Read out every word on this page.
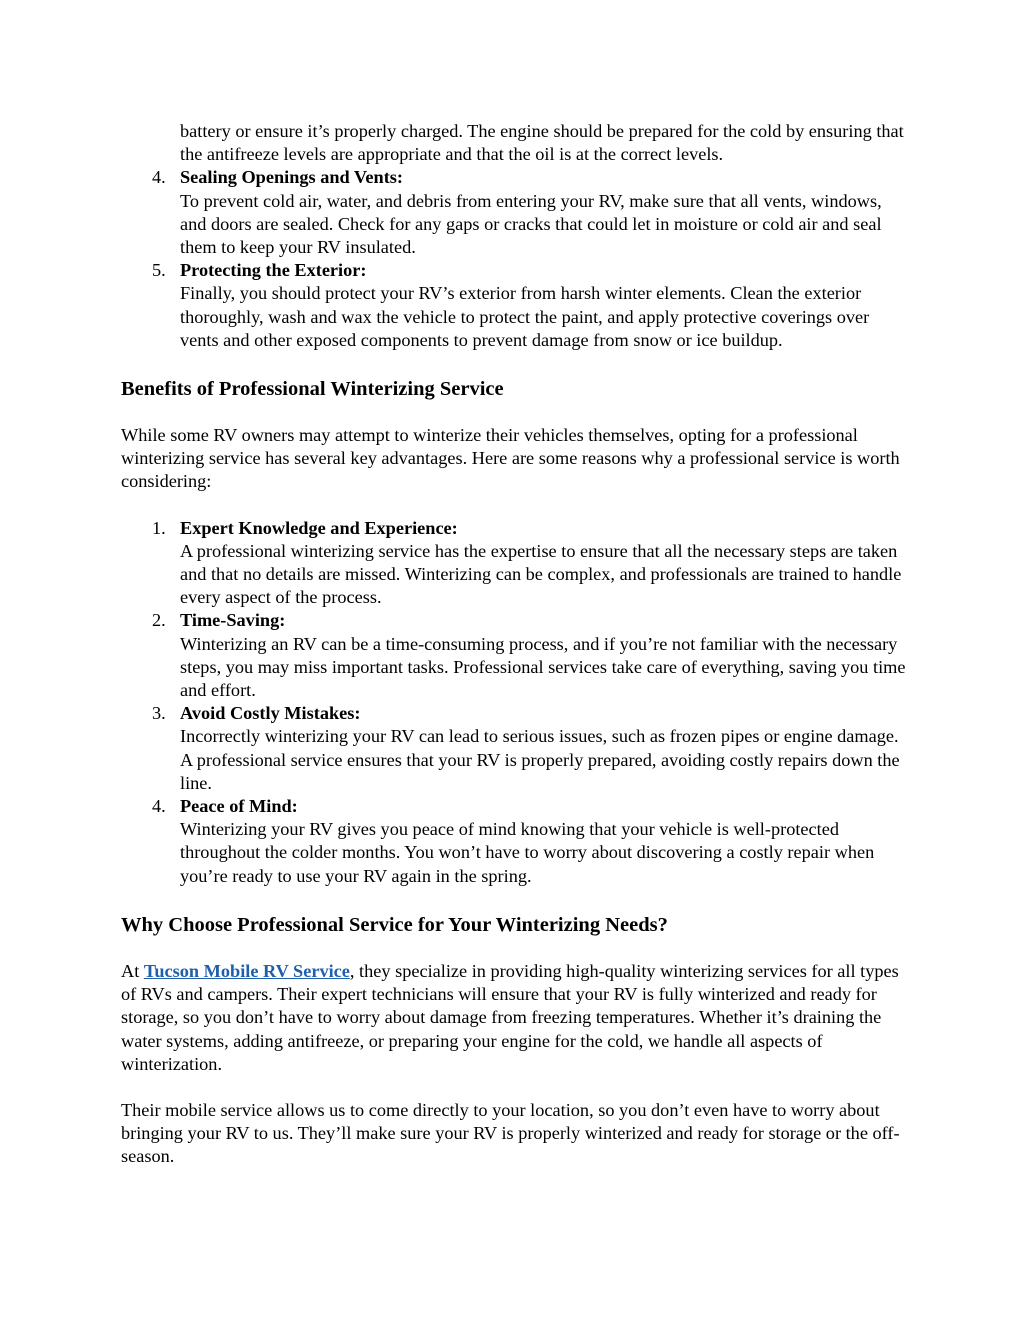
battery or ensure it’s properly charged. The engine should be prepared for the cold by ensuring that the antifreeze levels are appropriate and that the oil is at the correct levels.
4. Sealing Openings and Vents:
To prevent cold air, water, and debris from entering your RV, make sure that all vents, windows, and doors are sealed. Check for any gaps or cracks that could let in moisture or cold air and seal them to keep your RV insulated.
5. Protecting the Exterior:
Finally, you should protect your RV’s exterior from harsh winter elements. Clean the exterior thoroughly, wash and wax the vehicle to protect the paint, and apply protective coverings over vents and other exposed components to prevent damage from snow or ice buildup.
Benefits of Professional Winterizing Service

While some RV owners may attempt to winterize their vehicles themselves, opting for a professional winterizing service has several key advantages. Here are some reasons why a professional service is worth considering:

1. Expert Knowledge and Experience:
A professional winterizing service has the expertise to ensure that all the necessary steps are taken and that no details are missed. Winterizing can be complex, and professionals are trained to handle every aspect of the process.
2. Time-Saving:
Winterizing an RV can be a time-consuming process, and if you’re not familiar with the necessary steps, you may miss important tasks. Professional services take care of everything, saving you time and effort.
3. Avoid Costly Mistakes:
Incorrectly winterizing your RV can lead to serious issues, such as frozen pipes or engine damage. A professional service ensures that your RV is properly prepared, avoiding costly repairs down the line.
4. Peace of Mind:
Winterizing your RV gives you peace of mind knowing that your vehicle is well-protected throughout the colder months. You won’t have to worry about discovering a costly repair when you’re ready to use your RV again in the spring.
Why Choose Professional Service for Your Winterizing Needs?

At Tucson Mobile RV Service, they specialize in providing high-quality winterizing services for all types of RVs and campers. Their expert technicians will ensure that your RV is fully winterized and ready for storage, so you don’t have to worry about damage from freezing temperatures. Whether it’s draining the water systems, adding antifreeze, or preparing your engine for the cold, we handle all aspects of winterization.

Their mobile service allows us to come directly to your location, so you don’t even have to worry about bringing your RV to us. They’ll make sure your RV is properly winterized and ready for storage or the off-season.
